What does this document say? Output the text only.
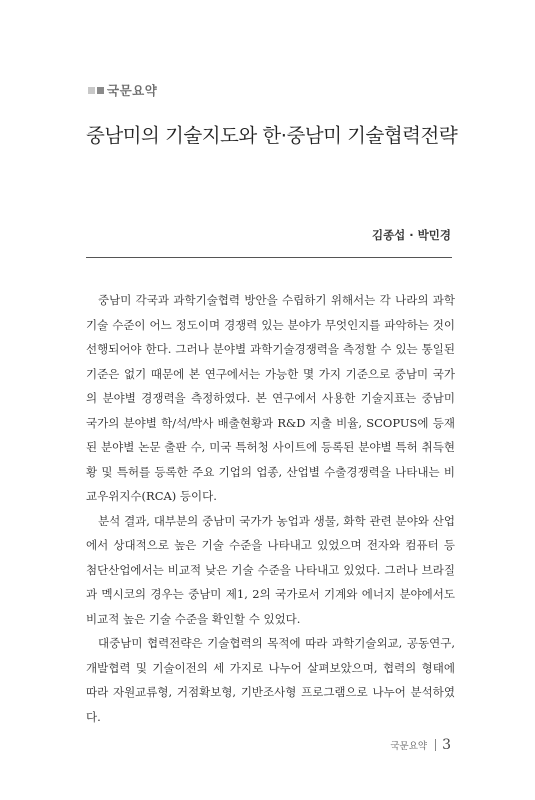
국문요약
중남미의 기술지도와 한·중남미 기술협력전략
김종섭 · 박민경

중남미 각국과 과학기술협력 방안을 수립하기 위해서는 각 나라의 과학기술 수준이 어느 정도이며 경쟁력 있는 분야가 무엇인지를 파악하는 것이 선행되어야 한다. 그러나 분야별 과학기술경쟁력을 측정할 수 있는 통일된 기준은 없기 때문에 본 연구에서는 가능한 몇 가지 기준으로 중남미 국가의 분야별 경쟁력을 측정하였다. 본 연구에서 사용한 기술지표는 중남미 국가의 분야별 학/석/박사 배출현황과 R&D 지출 비율, SCOPUS에 등재된 분야별 논문 출판 수, 미국 특허청 사이트에 등록된 분야별 특허 취득현황 및 특허를 등록한 주요 기업의 업종, 산업별 수출경쟁력을 나타내는 비교우위지수(RCA) 등이다.

분석 결과, 대부분의 중남미 국가가 농업과 생물, 화학 관련 분야와 산업에서 상대적으로 높은 기술 수준을 나타내고 있었으며 전자와 컴퓨터 등 첨단산업에서는 비교적 낮은 기술 수준을 나타내고 있었다. 그러나 브라질과 멕시코의 경우는 중남미 제1, 2의 국가로서 기계와 에너지 분야에서도 비교적 높은 기술 수준을 확인할 수 있었다.

대중남미 협력전략은 기술협력의 목적에 따라 과학기술외교, 공동연구, 개발협력 및 기술이전의 세 가지로 나누어 살펴보았으며, 협력의 형태에 따라 자원교류형, 거점확보형, 기반조사형 프로그램으로 나누어 분석하였다.

국문요약 3
